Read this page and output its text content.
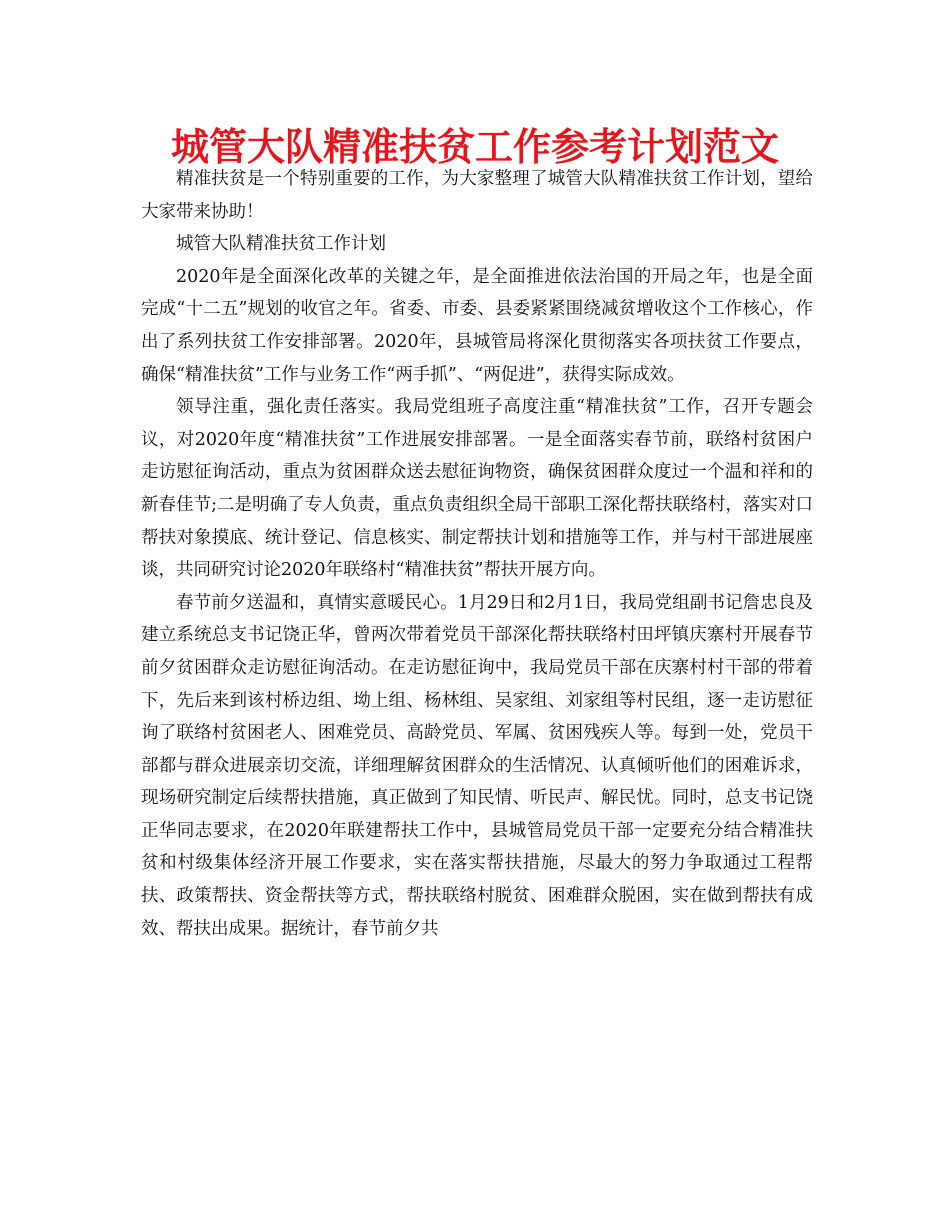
城管大队精准扶贫工作参考计划范文

精准扶贫是一个特别重要的工作，为大家整理了城管大队精准扶贫工作计划，望给大家带来协助！

城管大队精准扶贫工作计划

2020年是全面深化改革的关键之年，是全面推进依法治国的开局之年，也是全面完成“十二五”规划的收官之年。省委、市委、县委紧紧围绕减贫增收这个工作核心，作出了系列扶贫工作安排部署。2020年，县城管局将深化贯彻落实各项扶贫工作要点，确保“精准扶贫”工作与业务工作“两手抓”、“两促进”，获得实际成效。

领导注重，强化责任落实。我局党组班子高度注重“精准扶贫”工作，召开专题会议，对2020年度“精准扶贫”工作进展安排部署。一是全面落实春节前，联络村贫困户走访慰征询活动，重点为贫困群众送去慰征询物资，确保贫困群众度过一个温和祥和的新春佳节;二是明确了专人负责，重点负责组织全局干部职工深化帮扶联络村，落实对口帮扶对象摸底、统计登记、信息核实、制定帮扶计划和措施等工作，并与村干部进展座谈，共同研究讨论2020年联络村“精准扶贫”帮扶开展方向。

春节前夕送温和，真情实意暖民心。1月29日和2月1日，我局党组副书记詹忠良及建立系统总支书记饶正华，曾两次带着党员干部深化帮扶联络村田坪镇庆寨村开展春节前夕贫困群众走访慰征询活动。在走访慰征询中，我局党员干部在庆寨村村干部的带着下，先后来到该村桥边组、坳上组、杨林组、吴家组、刘家组等村民组，逐一走访慰征询了联络村贫困老人、困难党员、高龄党员、军属、贫困残疾人等。每到一处，党员干部都与群众进展亲切交流，详细理解贫困群众的生活情况、认真倾听他们的困难诉求，现场研究制定后续帮扶措施，真正做到了知民情、听民声、解民忧。同时，总支书记饶正华同志要求，在2020年联建帮扶工作中，县城管局党员干部一定要充分结合精准扶贫和村级集体经济开展工作要求，实在落实帮扶措施，尽最大的努力争取通过工程帮扶、政策帮扶、资金帮扶等方式，帮扶联络村脱贫、困难群众脱困，实在做到帮扶有成效、帮扶出成果。据统计，春节前夕共
